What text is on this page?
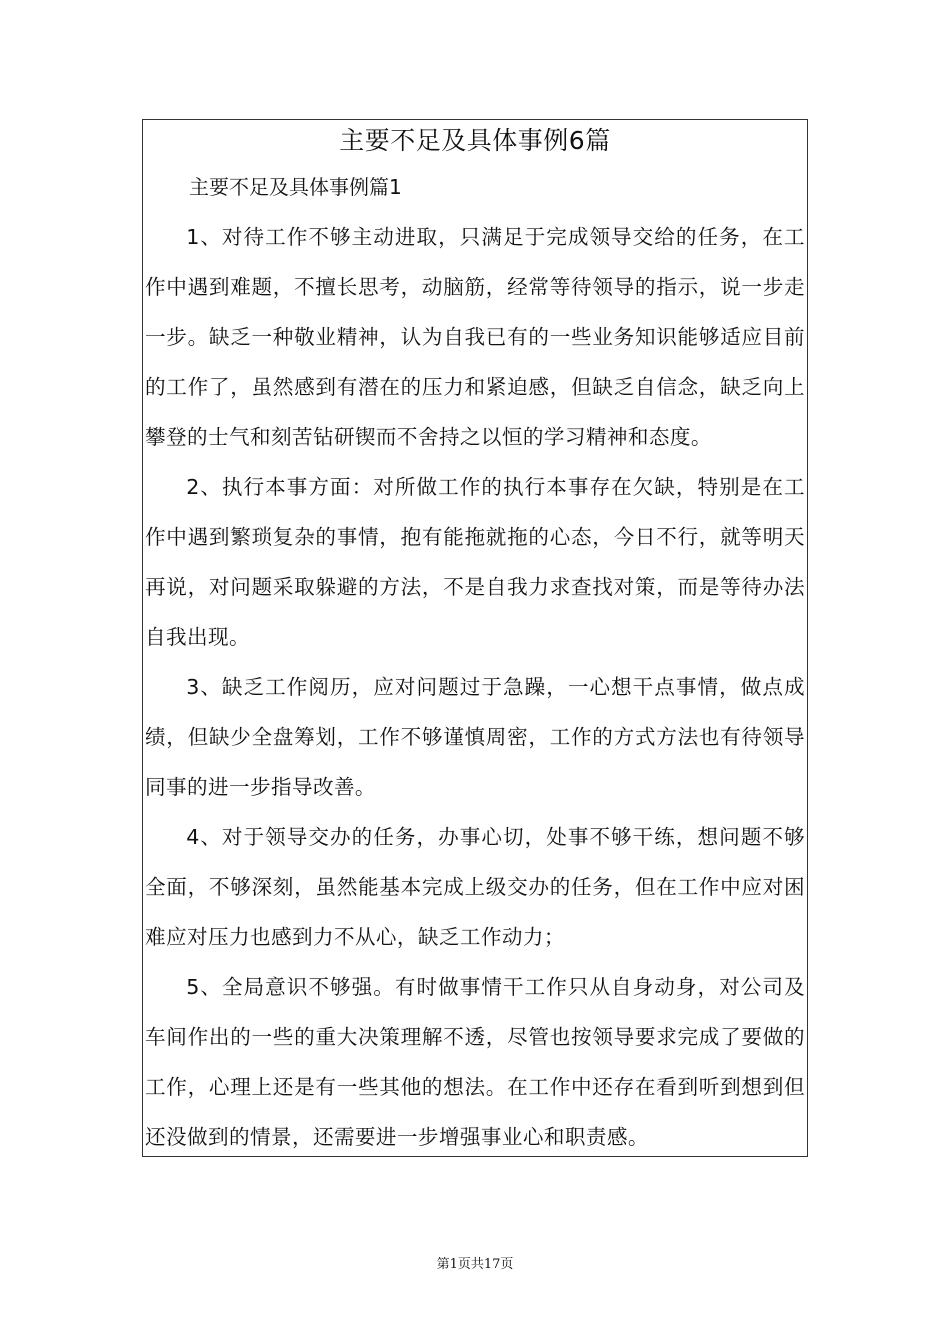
主要不足及具体事例6篇
主要不足及具体事例篇1

1、对待工作不够主动进取，只满足于完成领导交给的任务，在工作中遇到难题，不擅长思考，动脑筋，经常等待领导的指示，说一步走一步。缺乏一种敬业精神，认为自我已有的一些业务知识能够适应目前的工作了，虽然感到有潜在的压力和紧迫感，但缺乏自信念，缺乏向上攀登的士气和刻苦钻研锲而不舍持之以恒的学习精神和态度。

2、执行本事方面：对所做工作的执行本事存在欠缺，特别是在工作中遇到繁琐复杂的事情，抱有能拖就拖的心态，今日不行，就等明天再说，对问题采取躲避的方法，不是自我力求查找对策，而是等待办法自我出现。

3、缺乏工作阅历，应对问题过于急躁，一心想干点事情，做点成绩，但缺少全盘筹划，工作不够谨慎周密，工作的方式方法也有待领导同事的进一步指导改善。

4、对于领导交办的任务，办事心切，处事不够干练，想问题不够全面，不够深刻，虽然能基本完成上级交办的任务，但在工作中应对困难应对压力也感到力不从心，缺乏工作动力；

5、全局意识不够强。有时做事情干工作只从自身动身，对公司及车间作出的一些的重大决策理解不透，尽管也按领导要求完成了要做的工作，心理上还是有一些其他的想法。在工作中还存在看到听到想到但还没做到的情景，还需要进一步增强事业心和职责感。

第1页共17页
